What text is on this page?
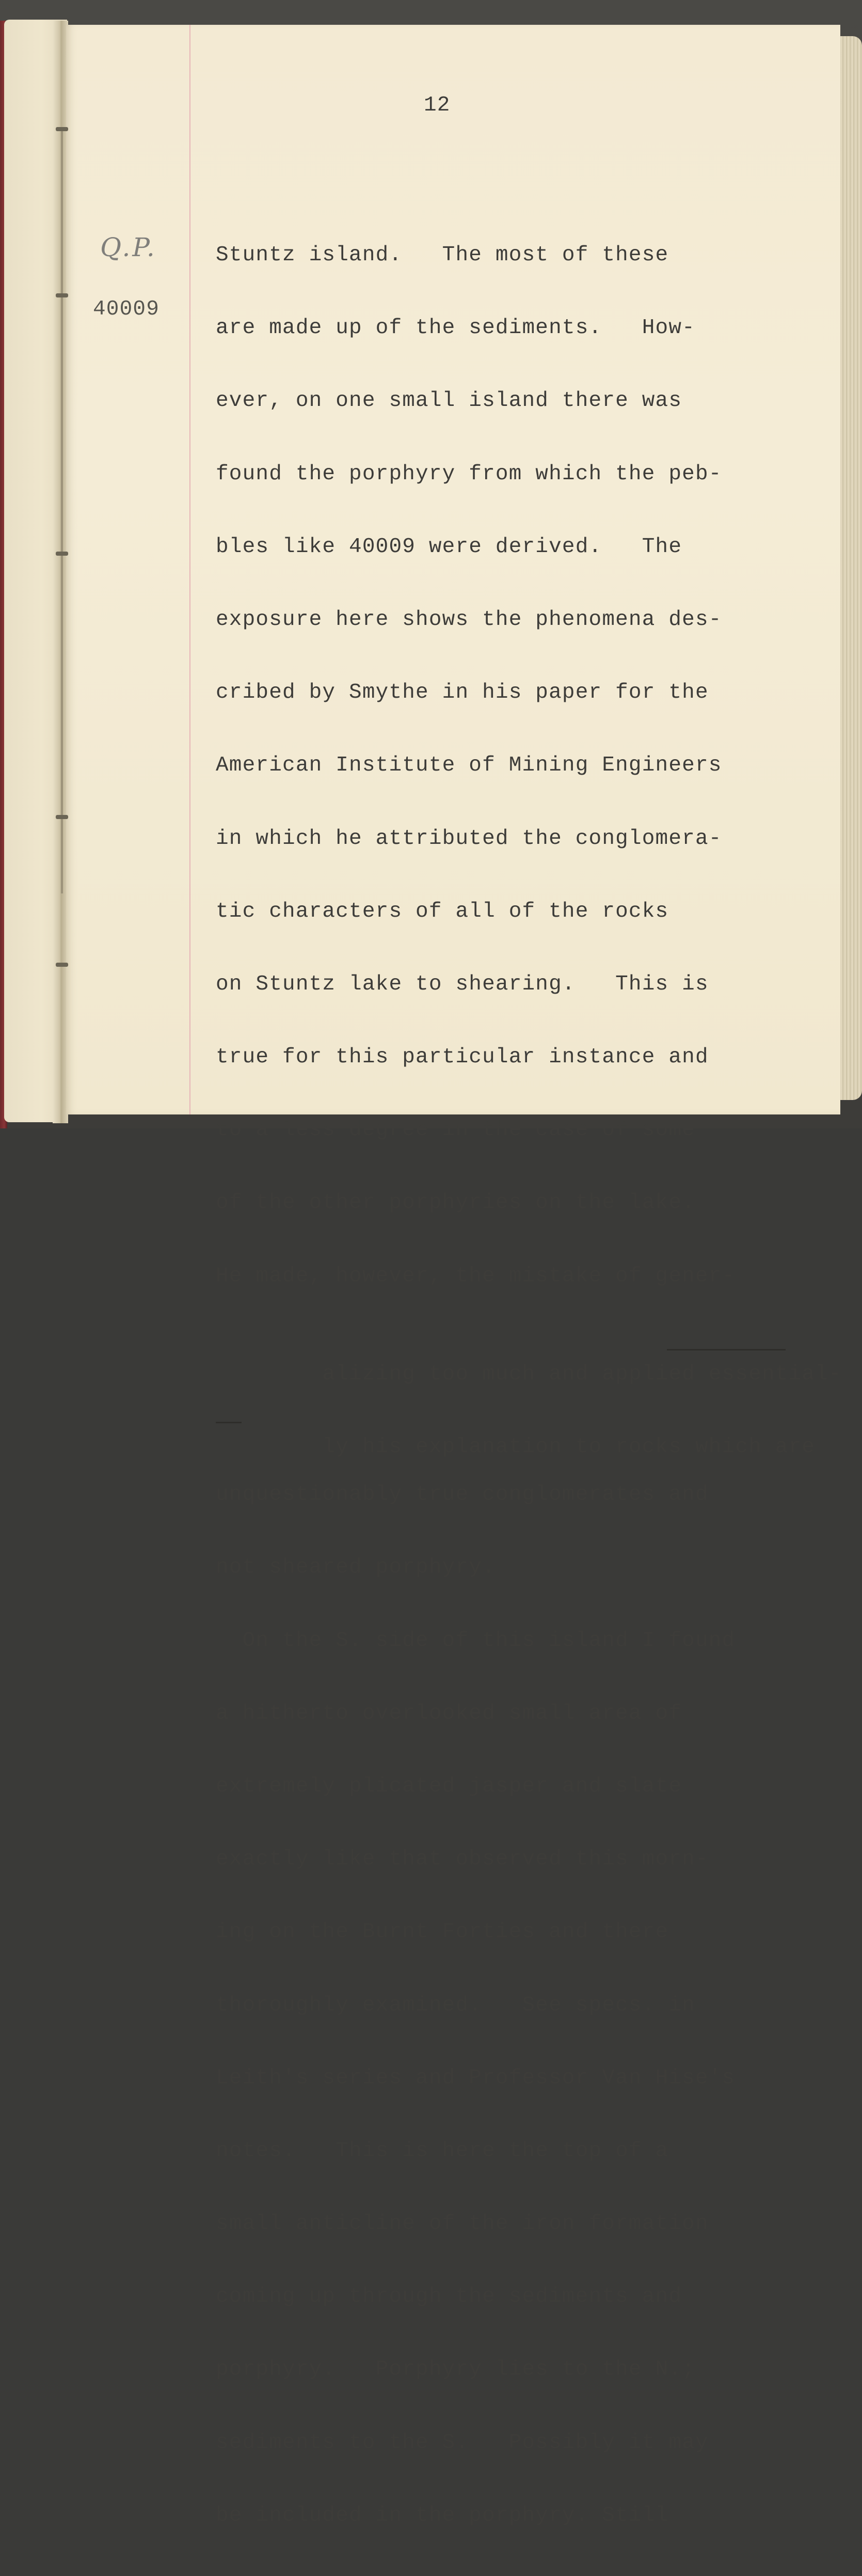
12
Q.P.
40009

Stuntz island.   The most of these

are made up of the sediments.   How-

ever, on one small island there was

found the porphyry from which the peb-

bles like 40009 were derived.   The

exposure here shows the phenomena des-

cribed by Smythe in his paper for the

American Institute of Mining Engineers

in which he attributed the conglomera-

tic characters of all of the rocks

on Stuntz lake to shearing.   This is

true for this particular instance and

to a less degree in the case of some

of the other porphyries on the lake.

He made, however, the mistake of gener-

alizing too much and applied essential-

ly his explanation to rocks which are

unquestionably true conglomerates and

not sheared porphyry.

On the S. side of this island I found

a hitherto overlooked small area of

extremely plicated jasper and slate

exactly like that observed this morn-

ing on the Burnt Forties and there

thoroughly examined.   See specs. in

Leith's series and Professor Van Hise's

notes.   This is here the top of a

small anticline of the iron formation

coming up through the sediments and

porphyry.   Porphyry lies to the N.;

sediments to the S.   Possibly it may

be included in the porphyry. Still
